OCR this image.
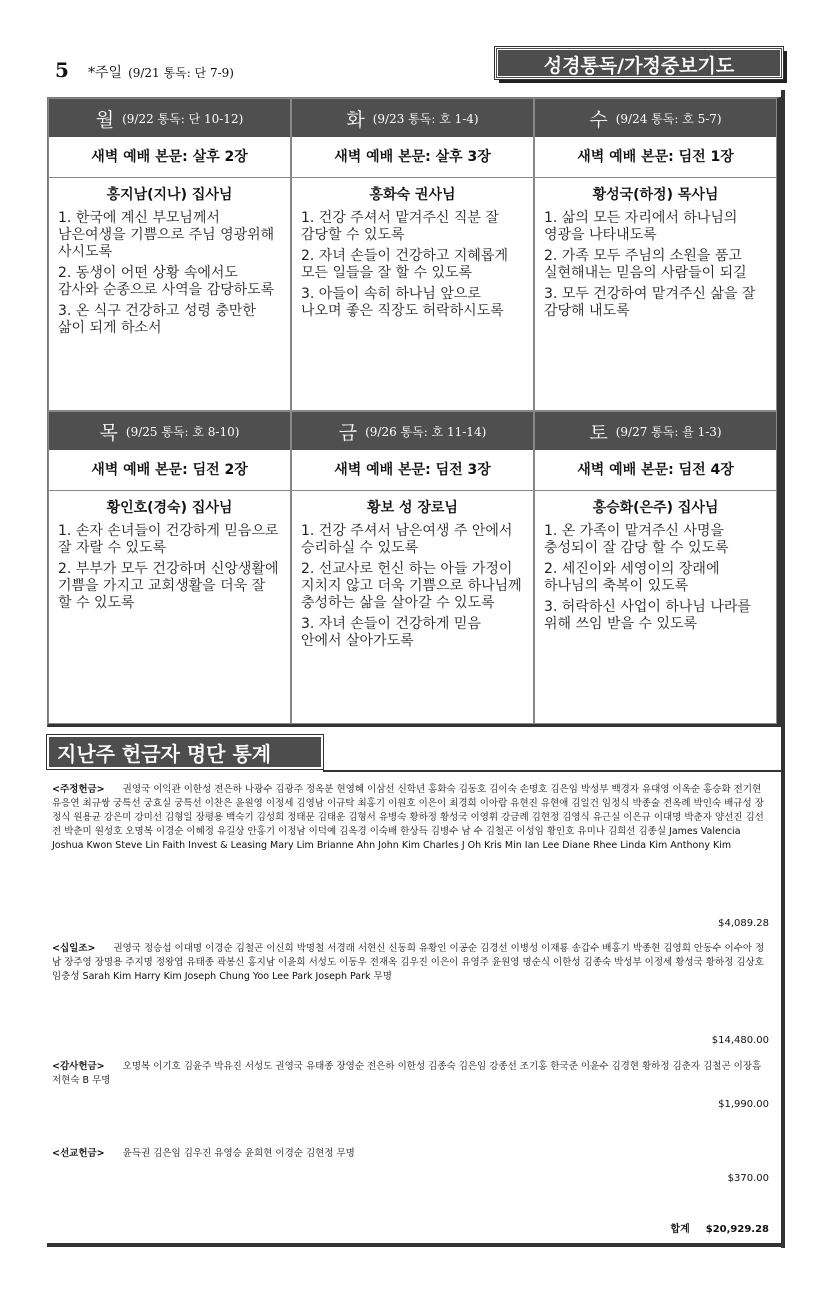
5 *주일 (9/21 통독: 단 7-9)	성경통독/가정중보기도
월 (9/22 통독: 단 10-12)
새벽 예배 본문: 살후 2장
홍지남(지나) 집사님
1. 한국에 계신 부모님께서 남은여생을 기쁨으로 주님 영광위해 사시도록
2. 동생이 어떤 상황 속에서도 감사와 순종으로 사역을 감당하도록
3. 온 식구 건강하고 성령 충만한 삶이 되게 하소서
화 (9/23 통독: 호 1-4)
새벽 예배 본문: 살후 3장
홍화숙 권사님
1. 건강 주셔서 맡겨주신 직분 잘 감당할 수 있도록
2. 자녀 손들이 건강하고 지혜롭게 모든 일들을 잘 할 수 있도록
3. 아들이 속히 하나님 앞으로 나오며 좋은 직장도 허락하시도록
수 (9/24 통독: 호 5-7)
새벽 예배 본문: 딤전 1장
황성국(하정) 목사님
1. 삶의 모든 자리에서 하나님의 영광을 나타내도록
2. 가족 모두 주님의 소원을 품고 실현해내는 믿음의 사람들이 되길
3. 모두 건강하여 맡겨주신 삶을 잘 감당해 내도록
목 (9/25 통독: 호 8-10)
새벽 예배 본문: 딤전 2장
황인호(경숙) 집사님
1. 손자 손녀들이 건강하게 믿음으로 잘 자랄 수 있도록
2. 부부가 모두 건강하며 신앙생활에 기쁨을 가지고 교회생활을 더욱 잘 할 수 있도록
금 (9/26 통독: 호 11-14)
새벽 예배 본문: 딤전 3장
황보 성 장로님
1. 건강 주셔서 남은여생 주 안에서 승리하실 수 있도록
2. 선교사로 헌신 하는 아들 가정이 지치지 않고 더욱 기쁨으로 하나님께 충성하는 삶을 살아갈 수 있도록
3. 자녀 손들이 건강하게 믿음 안에서 살아가도록
토 (9/27 통독: 욜 1-3)
새벽 예배 본문: 딤전 4장
홍승화(은주) 집사님
1. 온 가족이 맡겨주신 사명을 충성되이 잘 감당 할 수 있도록
2. 세진이와 세영이의 장래에 하나님의 축복이 있도록
3. 허락하신 사업이 하나님 나라를 위해 쓰임 받을 수 있도록
지난주 헌금자 명단 통계
<주정헌금> 권영국 이익관 이한성 전은하 나광수 김광주 정옥분 현영혜 이삼선 신학년 홍화숙 김동호 김이숙 손명호 김은임 박성부 백경자 유대영 이옥순 홍승화 전기현 유응연 최규쌍 궁특선 궁효실 궁특선 이찬은 윤원영 이정세 김영남 이규탁 최홍기 이원호 이은이 최경희 이아람 유현진 유현애 김일건 임정식 박종술 전옥례 박인숙 배규성 장정식 원용균 강은미 강미선 김형일 장평용 백숙기 김성희 정태문 김태운 김형서 유병숙 황하정 황성국 이영휘 강금례 김현정 김영식 유근실 이은규 이대명 박춘자 양선진 김선전 박춘미 원성호 오명복 이경순 이혜정 유길상 안홍기 이정남 이덕예 김옥경 이숙배 한상득 김병수 남 수 김철곤 이성임 황인호 유미나 김희선 김종실 James Valencia Joshua Kwon Steve Lin Faith Invest & Leasing Mary Lim Brianne Ahn John Kim Charles J Oh Kris Min Ian Lee Diane Rhee Linda Kim Anthony Kim
$4,089.28
<십일조> 권영국 정승섭 이대명 이경순 김철곤 이신희 박명철 서경래 서현신 신동희 유황인 이공순 김경선 이병성 이재룡 송갑수 배홍기 박종현 김영희 안동수 이수아 정 남 장주영 장명용 주지명 정왕엽 유태종 곽봉신 홍지남 이윤희 서성도 이동우 전재옥 김우진 이은이 유영주 윤원영 명순식 이한성 김종숙 박성부 이정세 황성국 황하정 김상호 임충성 Sarah Kim Harry Kim Joseph Chung Yoo Lee Park Joseph Park 무명
$14,480.00
<감사헌금> 오명복 이기호 김윤주 박유진 서성도 권영국 유태종 장영순 전은하 이한성 김종숙 김은임 강종선 조기홍 한국준 이윤수 김경현 황하정 김춘자 김철곤 이장흠 저현숙 B 무명
$1,990.00
<선교헌금> 윤득권 김은임 김우진 유영승 윤희현 이경순 김현정 무명
$370.00
합계 $20,929.28
